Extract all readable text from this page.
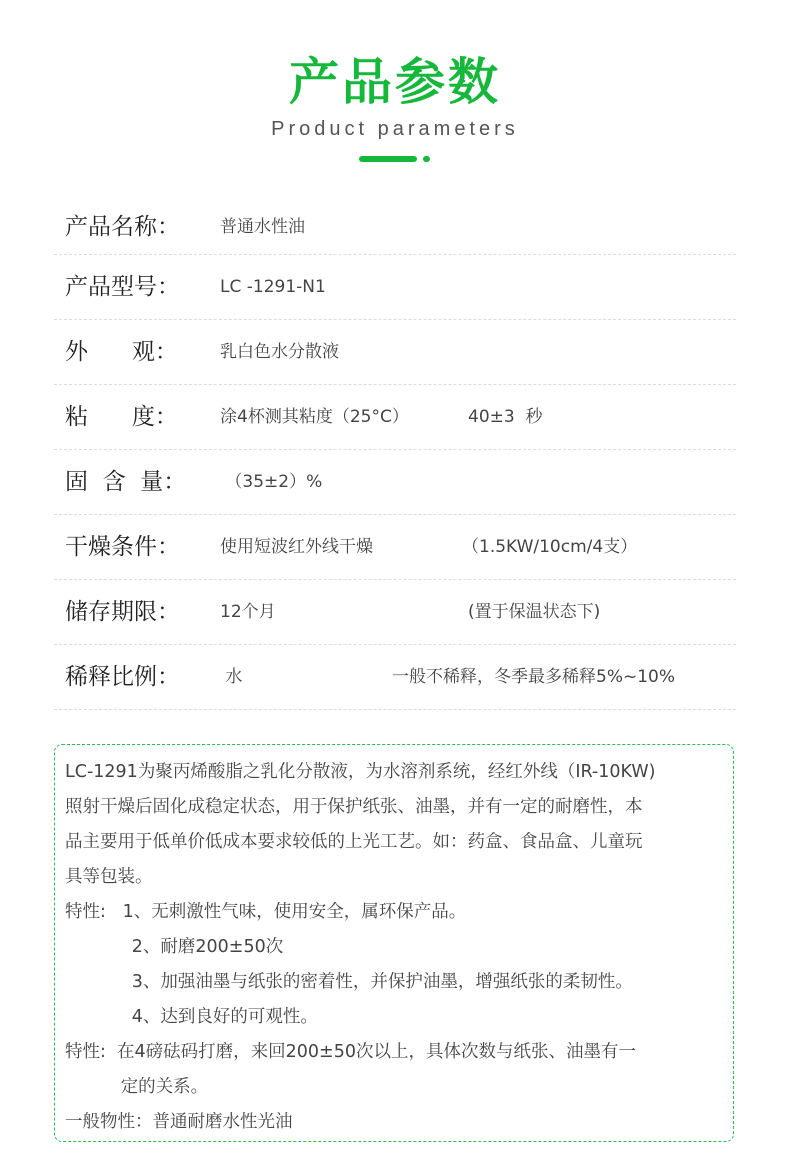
产品参数
Product parameters
产品名称： 普通水性油
产品型号： LC -1291-N1
外      观： 乳白色水分散液
粘      度： 涂4杯测其粘度（25°C）	40±3  秒
固  含  量： （35±2）%
干燥条件： 使用短波红外线干燥	（1.5KW/10cm/4支）
储存期限： 12个月	(置于保温状态下)
稀释比例： 水	一般不稀释，冬季最多稀释5%~10%
LC-1291为聚丙烯酸脂之乳化分散液，为水溶剂系统，经红外线（IR-10KW)
照射干燥后固化成稳定状态，用于保护纸张、油墨，并有一定的耐磨性，本
品主要用于低单价低成本要求较低的上光工艺。如：药盒、食品盒、儿童玩
具等包装。
特性:   1、无刺激性气味，使用安全，属环保产品。
2、耐磨200±50次
3、加强油墨与纸张的密着性，并保护油墨，增强纸张的柔韧性。
4、达到良好的可观性。
特性:  在4磅砝码打磨，来回200±50次以上，具体次数与纸张、油墨有一
定的关系。
一般物性：普通耐磨水性光油
